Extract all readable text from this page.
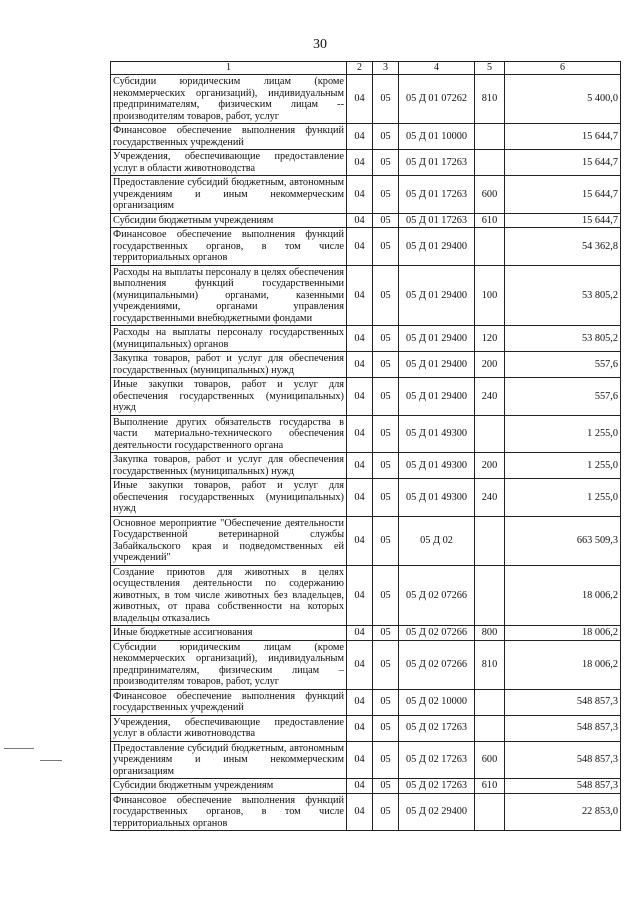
30
1	2	3	4	5	6
Субсидии юридическим лицам (кроме некоммерческих организаций), индивидуальным предпринимателям, физическим лицам -- производителям товаров, работ, услуг	04	05	05 Д 01 07262	810	5 400,0
Финансовое обеспечение выполнения функций государственных учреждений	04	05	05 Д 01 10000		15 644,7
Учреждения, обеспечивающие предоставление услуг в области животноводства	04	05	05 Д 01 17263		15 644,7
Предоставление субсидий бюджетным, автономным учреждениям и иным некоммерческим организациям	04	05	05 Д 01 17263	600	15 644,7
Субсидии бюджетным учреждениям	04	05	05 Д 01 17263	610	15 644,7
Финансовое обеспечение выполнения функций государственных органов, в том числе территориальных органов	04	05	05 Д 01 29400		54 362,8
Расходы на выплаты персоналу в целях обеспечения выполнения функций государственными (муниципальными) органами, казенными учреждениями, органами управления государственными внебюджетными фондами	04	05	05 Д 01 29400	100	53 805,2
Расходы на выплаты персоналу государственных (муниципальных) органов	04	05	05 Д 01 29400	120	53 805,2
Закупка товаров, работ и услуг для обеспечения государственных (муниципальных) нужд	04	05	05 Д 01 29400	200	557,6
Иные закупки товаров, работ и услуг для обеспечения государственных (муниципальных) нужд	04	05	05 Д 01 29400	240	557,6
Выполнение других обязательств государства в части материально-технического обеспечения деятельности государственного органа	04	05	05 Д 01 49300		1 255,0
Закупка товаров, работ и услуг для обеспечения государственных (муниципальных) нужд	04	05	05 Д 01 49300	200	1 255,0
Иные закупки товаров, работ и услуг для обеспечения государственных (муниципальных) нужд	04	05	05 Д 01 49300	240	1 255,0
Основное мероприятие "Обеспечение деятельности Государственной ветеринарной службы Забайкальского края и подведомственных ей учреждений"	04	05	05 Д 02		663 509,3
Создание приютов для животных в целях осуществления деятельности по содержанию животных, в том числе животных без владельцев, животных, от права собственности на которых владельцы отказались	04	05	05 Д 02 07266		18 006,2
Иные бюджетные ассигнования	04	05	05 Д 02 07266	800	18 006,2
Субсидии юридическим лицам (кроме некоммерческих организаций), индивидуальным предпринимателям, физическим лицам – производителям товаров, работ, услуг	04	05	05 Д 02 07266	810	18 006,2
Финансовое обеспечение выполнения функций государственных учреждений	04	05	05 Д 02 10000		548 857,3
Учреждения, обеспечивающие предоставление услуг в области животноводства	04	05	05 Д 02 17263		548 857,3
Предоставление субсидий бюджетным, автономным учреждениям и иным некоммерческим организациям	04	05	05 Д 02 17263	600	548 857,3
Субсидии бюджетным учреждениям	04	05	05 Д 02 17263	610	548 857,3
Финансовое обеспечение выполнения функций государственных органов, в том числе территориальных органов	04	05	05 Д 02 29400		22 853,0
